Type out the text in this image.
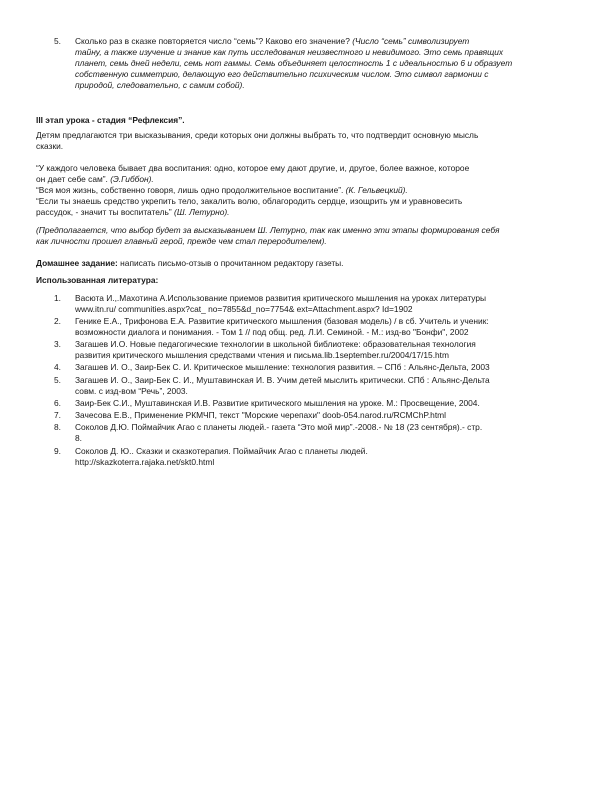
5.	Сколько раз в сказке повторяется число “семь”? Каково его значение? (Число “семь” символизирует
тайну, а также изучение и знание как путь исследования неизвестного и невидимого. Это семь правящих
планет, семь дней недели, семь нот гаммы. Семь объединяет целостность 1 с идеальностью 6 и образует
собственную симметрию, делающую его действительно психическим числом. Это символ гармонии с
природой, следовательно, с самим собой).
III этап урока - стадия “Рефлексия”.
Детям предлагаются три высказывания, среди которых они должны выбрать то, что подтвердит основную мысль
сказки.
“У каждого человека бывает два воспитания: одно, которое ему дают другие, и, другое, более важное, которое
он дает себе сам”. (Э.Гиббон).
“Вся моя жизнь, собственно говоря, лишь одно продолжительное воспитание”. (К. Гельвецкий).
“Если ты знаешь средство укрепить тело, закалить волю, облагородить сердце, изощрить ум и уравновесить
рассудок, - значит ты воспитатель” (Ш. Летурно).
(Предполагается, что выбор будет за высказыванием Ш. Летурно, так как именно эти этапы формирования себя
как личности прошел главный герой, прежде чем стал переродителем).
Домашнее задание: написать письмо-отзыв о прочитанном редактору газеты.
Использованная литература:
1.	Васюта И.,.Махотина А.Использование приемов развития критического мышления на уроках литературы
www.itn.ru/ communities.aspx?cat_ no=7855&d_no=7754& ext=Attachment.aspx? Id=1902
2.	Генике Е.А., Трифонова Е.А. Развитие критического мышления (базовая модель) / в сб. Учитель и ученик:
возможности диалога и понимания. - Том 1 // под общ. ред. Л.И. Семиной. - М.: изд-во "Бонфи", 2002
3.	Загашев И.О. Новые педагогические технологии в школьной библиотеке: образовательная технология
развития критического мышления средствами чтения и письма.lib.1september.ru/2004/17/15.htm
4.	Загашев И. О., Заир-Бек С. И. Критическое мышление: технология развития. – СПб : Альянс-Дельта, 2003
5.	Загашев И. О., Заир-Бек С. И., Муштавинская И. В. Учим детей мыслить критически. СПб : Альянс-Дельта
совм. с изд-вом “Речь”, 2003.
6.	Заир-Бек С.И., Муштавинская И.В. Развитие критического мышления на уроке. М.: Просвещение, 2004.
7.	Зачесова Е.В., Применение РКМЧП, текст "Морские черепахи" doob-054.narod.ru/RCMChP.html
8.	Соколов Д.Ю. Поймайчик Агао с планеты людей.- газета “Это мой мир”.-2008.- № 18 (23 сентября).- стр.
8.
9.	Соколов Д. Ю.. Сказки и сказкотерапия. Поймайчик Агао с планеты людей.
http://skazkoterra.rajaka.net/skt0.html
